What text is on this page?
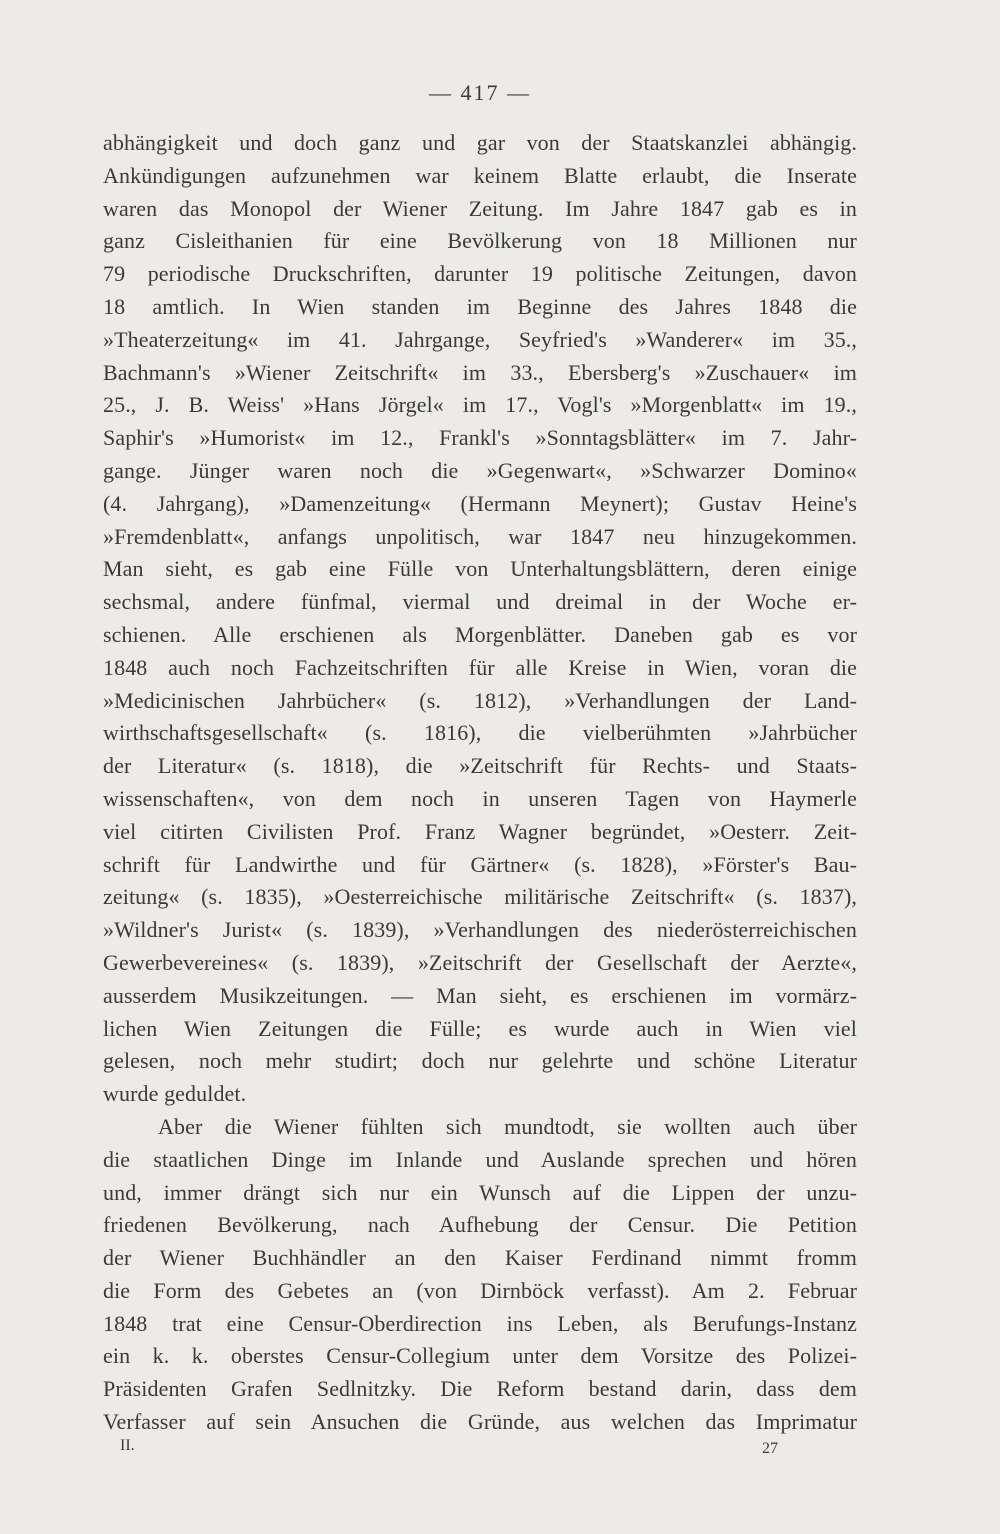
— 417 —
abhängigkeit und doch ganz und gar von der Staatskanzlei abhängig.
Ankündigungen aufzunehmen war keinem Blatte erlaubt, die Inserate
waren das Monopol der Wiener Zeitung. Im Jahre 1847 gab es in
ganz Cisleithanien für eine Bevölkerung von 18 Millionen nur
79 periodische Druckschriften, darunter 19 politische Zeitungen, davon
18 amtlich. In Wien standen im Beginne des Jahres 1848 die
»Theaterzeitung« im 41. Jahrgange, Seyfried's »Wanderer« im 35.,
Bachmann's »Wiener Zeitschrift« im 33., Ebersberg's »Zuschauer« im
25., J. B. Weiss' »Hans Jörgel« im 17., Vogl's »Morgenblatt« im 19.,
Saphir's »Humorist« im 12., Frankl's »Sonntagsblätter« im 7. Jahr-
gange. Jünger waren noch die »Gegenwart«, »Schwarzer Domino«
(4. Jahrgang), »Damenzeitung« (Hermann Meynert); Gustav Heine's
»Fremdenblatt«, anfangs unpolitisch, war 1847 neu hinzugekommen.
Man sieht, es gab eine Fülle von Unterhaltungsblättern, deren einige
sechsmal, andere fünfmal, viermal und dreimal in der Woche er-
schienen. Alle erschienen als Morgenblätter. Daneben gab es vor
1848 auch noch Fachzeitschriften für alle Kreise in Wien, voran die
»Medicinischen Jahrbücher« (s. 1812), »Verhandlungen der Land-
wirthschaftsgesellschaft« (s. 1816), die vielberühmten »Jahrbücher
der Literatur« (s. 1818), die »Zeitschrift für Rechts- und Staats-
wissenschaften«, von dem noch in unseren Tagen von Haymerle
viel citirten Civilisten Prof. Franz Wagner begründet, »Oesterr. Zeit-
schrift für Landwirthe und für Gärtner« (s. 1828), »Förster's Bau-
zeitung« (s. 1835), »Oesterreichische militärische Zeitschrift« (s. 1837),
»Wildner's Jurist« (s. 1839), »Verhandlungen des niederösterreichischen
Gewerbevereines« (s. 1839), »Zeitschrift der Gesellschaft der Aerzte«,
ausserdem Musikzeitungen. — Man sieht, es erschienen im vormärz-
lichen Wien Zeitungen die Fülle; es wurde auch in Wien viel
gelesen, noch mehr studirt; doch nur gelehrte und schöne Literatur
wurde geduldet.
Aber die Wiener fühlten sich mundtodt, sie wollten auch über
die staatlichen Dinge im Inlande und Auslande sprechen und hören
und, immer drängt sich nur ein Wunsch auf die Lippen der unzu-
friedenen Bevölkerung, nach Aufhebung der Censur. Die Petition
der Wiener Buchhändler an den Kaiser Ferdinand nimmt fromm
die Form des Gebetes an (von Dirnböck verfasst). Am 2. Februar
1848 trat eine Censur-Oberdirection ins Leben, als Berufungs-Instanz
ein k. k. oberstes Censur-Collegium unter dem Vorsitze des Polizei-
Präsidenten Grafen Sedlnitzky. Die Reform bestand darin, dass dem
Verfasser auf sein Ansuchen die Gründe, aus welchen das Imprimatur
II.	27
